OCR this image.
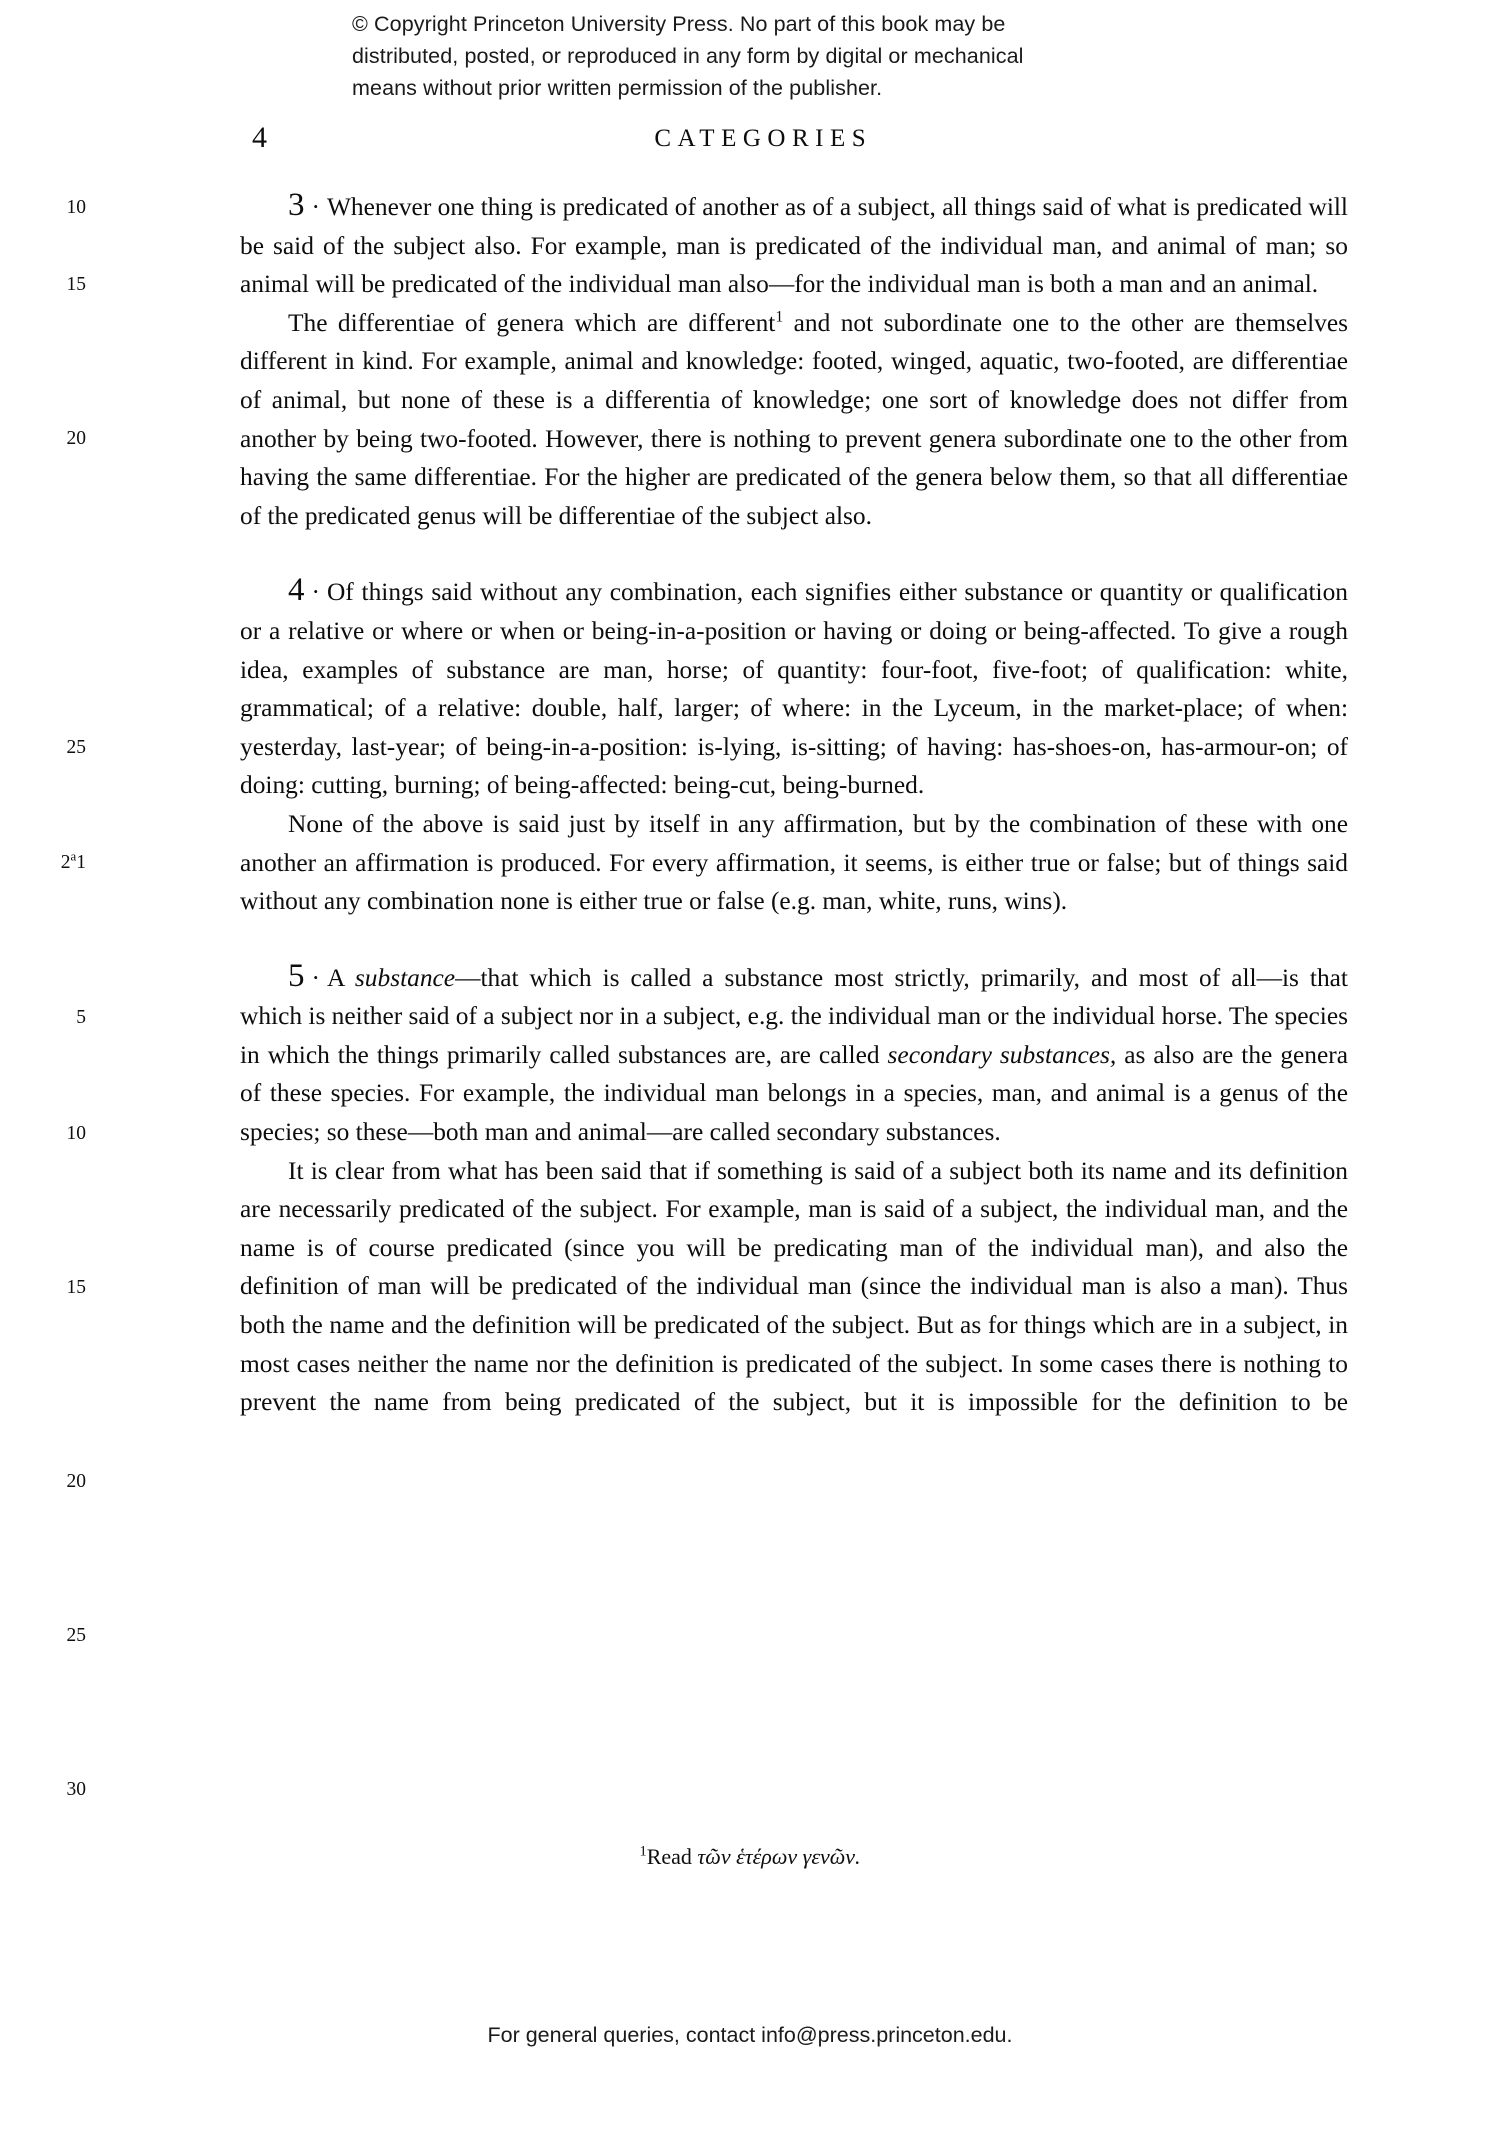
© Copyright Princeton University Press. No part of this book may be
distributed, posted, or reproduced in any form by digital or mechanical
means without prior written permission of the publisher.
4	CATEGORIES
10
15
20
25
2$^a$1
5
10
15
20
25
30

3 · Whenever one thing is predicated of another as of a subject, all things said of what is predicated will be said of the subject also. For example, man is predicated of the individual man, and animal of man; so animal will be predicated of the individual man also—for the individual man is both a man and an animal.

The differentiae of genera which are different$^1$ and not subordinate one to the other are themselves different in kind. For example, animal and knowledge: footed, winged, aquatic, two-footed, are differentiae of animal, but none of these is a differentia of knowledge; one sort of knowledge does not differ from another by being two-footed. However, there is nothing to prevent genera subordinate one to the other from having the same differentiae. For the higher are predicated of the genera below them, so that all differentiae of the predicated genus will be differentiae of the subject also.

4 · Of things said without any combination, each signifies either substance or quantity or qualification or a relative or where or when or being-in-a-position or having or doing or being-affected. To give a rough idea, examples of substance are man, horse; of quantity: four-foot, five-foot; of qualification: white, grammatical; of a relative: double, half, larger; of where: in the Lyceum, in the market-place; of when: yesterday, last-year; of being-in-a-position: is-lying, is-sitting; of having: has-shoes-on, has-armour-on; of doing: cutting, burning; of being-affected: being-cut, being-burned.

None of the above is said just by itself in any affirmation, but by the combination of these with one another an affirmation is produced. For every affirmation, it seems, is either true or false; but of things said without any combination none is either true or false (e.g. man, white, runs, wins).

5 · A substance—that which is called a substance most strictly, primarily, and most of all—is that which is neither said of a subject nor in a subject, e.g. the individual man or the individual horse. The species in which the things primarily called substances are, are called secondary substances, as also are the genera of these species. For example, the individual man belongs in a species, man, and animal is a genus of the species; so these—both man and animal—are called secondary substances.

It is clear from what has been said that if something is said of a subject both its name and its definition are necessarily predicated of the subject. For example, man is said of a subject, the individual man, and the name is of course predicated (since you will be predicating man of the individual man), and also the definition of man will be predicated of the individual man (since the individual man is also a man). Thus both the name and the definition will be predicated of the subject. But as for things which are in a subject, in most cases neither the name nor the definition is predicated of the subject. In some cases there is nothing to prevent the name from being predicated of the subject, but it is impossible for the definition to be

$^1$Read τῶν ἑτέρων γενῶν.
For general queries, contact info@press.princeton.edu.
